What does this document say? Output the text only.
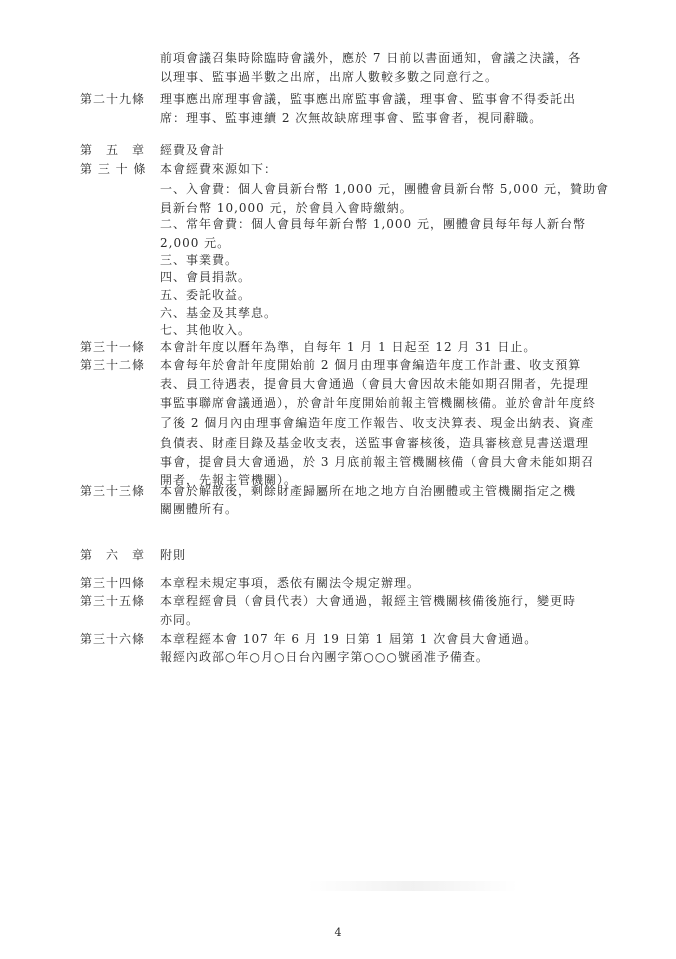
前項會議召集時除臨時會議外，應於 7 日前以書面通知，會議之決議，各
以理事、監事過半數之出席，出席人數較多數之同意行之。
第二十九條 理事應出席理事會議，監事應出席監事會議，理事會、監事會不得委託出
席：理事、監事連續 2 次無故缺席理事會、監事會者，視同辭職。
第　五　章 經費及會計
第 三 十 條 本會經費來源如下：
一、入會費：個人會員新台幣 1,000 元，團體會員新台幣 5,000 元，贊助會
員新台幣 10,000 元，於會員入會時繳納。
二、常年會費：個人會員每年新台幣 1,000 元，團體會員每年每人新台幣
2,000 元。
三、事業費。
四、會員捐款。
五、委託收益。
六、基金及其孳息。
七、其他收入。
第三十一條 本會計年度以曆年為準，自每年 1 月 1 日起至 12 月 31 日止。
第三十二條 本會每年於會計年度開始前 2 個月由理事會編造年度工作計畫、收支預算
表、員工待遇表，提會員大會通過（會員大會因故未能如期召開者，先提理
事監事聯席會議通過），於會計年度開始前報主管機關核備。並於會計年度終
了後 2 個月內由理事會編造年度工作報告、收支決算表、現金出納表、資產
負債表、財產目錄及基金收支表，送監事會審核後，造具審核意見書送還理
事會，提會員大會通過，於 3 月底前報主管機關核備（會員大會未能如期召
開者，先報主管機關）。
第三十三條 本會於解散後，剩餘財產歸屬所在地之地方自治團體或主管機關指定之機
關團體所有。
第　六　章 附則
第三十四條 本章程未規定事項，悉依有關法令規定辦理。
第三十五條 本章程經會員（會員代表）大會通過，報經主管機關核備後施行，變更時
亦同。
第三十六條 本章程經本會 107 年 6 月 19 日第 1 屆第 1 次會員大會通過。
報經內政部○年○月○日台內團字第○○○號函准予備查。
4
